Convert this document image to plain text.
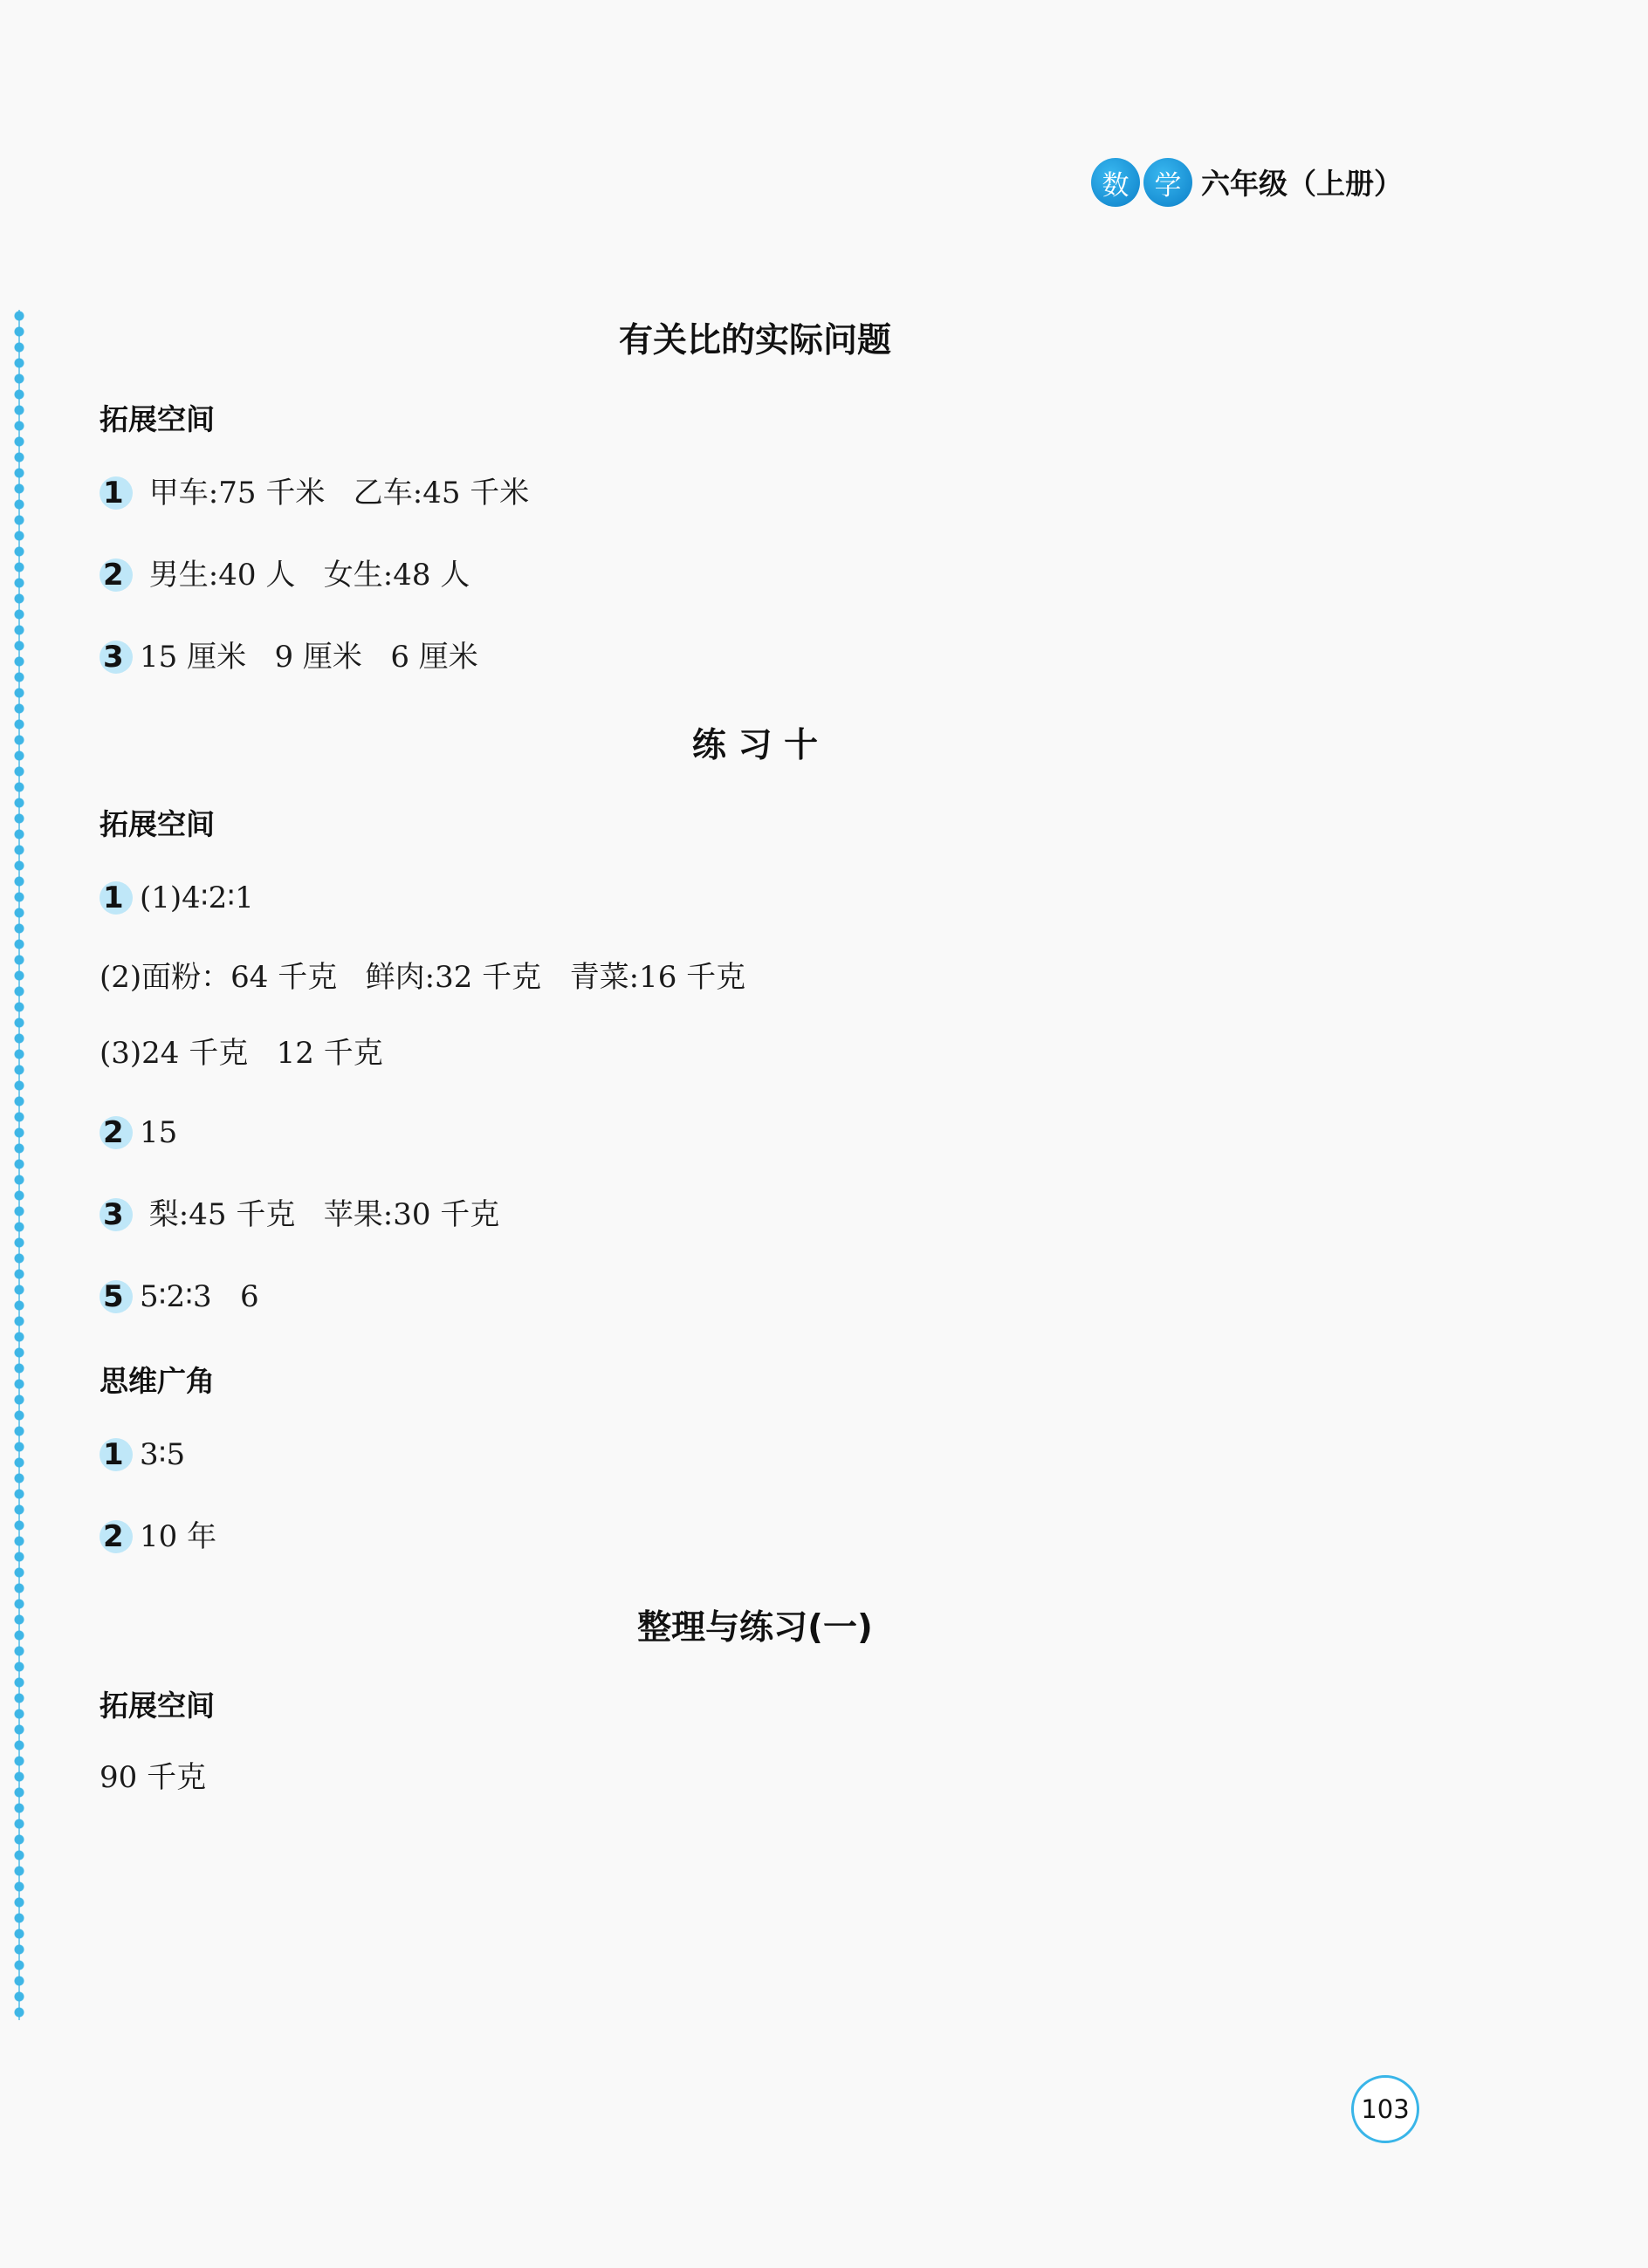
数 学 六年级（上册）
有关比的实际问题
拓展空间
1 甲车:75 千米   乙车:45 千米
2 男生:40 人   女生:48 人
3 15 厘米   9 厘米   6 厘米
练 习 十
拓展空间
1 (1)4∶2∶1
(2)面粉：64 千克   鲜肉:32 千克   青菜:16 千克
(3)24 千克   12 千克
2 15
3 梨:45 千克   苹果:30 千克
5 5∶2∶3   6
思维广角
1 3∶5
2 10 年
整理与练习(一)
拓展空间
90 千克
103
